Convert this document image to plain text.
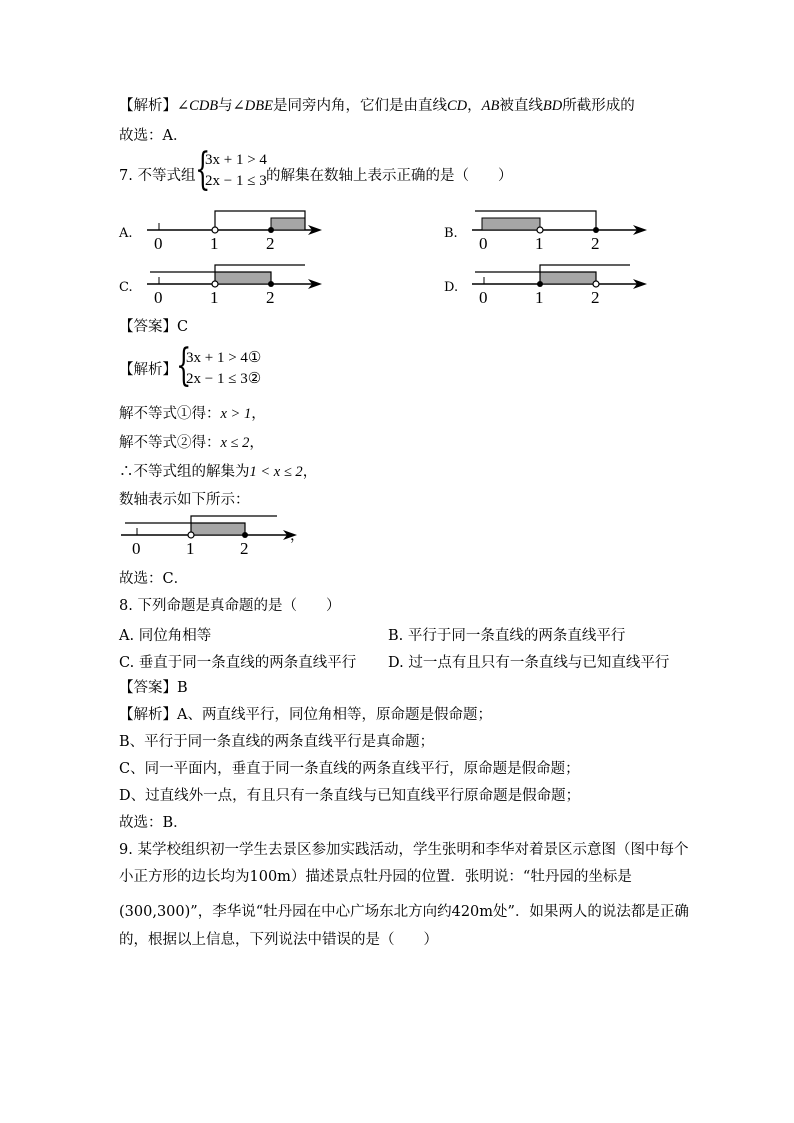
【解析】∠CDB与∠DBE是同旁内角，它们是由直线CD，AB被直线BD所截形成的
故选：A．
7. 不等式组 {
3x + 1 > 4
2x − 1 ≤ 3 的解集在数轴上表示正确的是（　　）
A.
0	1	2
B.
0	1	2
C.
0	1	2
D.
0	1	2
【答案】C
【解析】 {
3x + 1 > 4①
2x − 1 ≤ 3②
解不等式①得：x > 1，
解不等式②得：x ≤ 2，
∴不等式组的解集为1 < x ≤ 2，
数轴表示如下所示：
0	1	2
，
故选：C．
8. 下列命题是真命题的是（　　）
A. 同位角相等	B. 平行于同一条直线的两条直线平行
C. 垂直于同一条直线的两条直线平行 D. 过一点有且只有一条直线与已知直线平行
【答案】B
【解析】A、两直线平行，同位角相等，原命题是假命题；
B、平行于同一条直线的两条直线平行是真命题；
C、同一平面内，垂直于同一条直线的两条直线平行，原命题是假命题；
D、过直线外一点，有且只有一条直线与已知直线平行原命题是假命题；
故选：B．
9. 某学校组织初一学生去景区参加实践活动，学生张明和李华对着景区示意图（图中每个
小正方形的边长均为100m）描述景点牡丹园的位置．张明说：“牡丹园的坐标是
(300,300)”，李华说“牡丹园在中心广场东北方向约420m处”．如果两人的说法都是正确
的，根据以上信息，下列说法中错误的是（　　）
